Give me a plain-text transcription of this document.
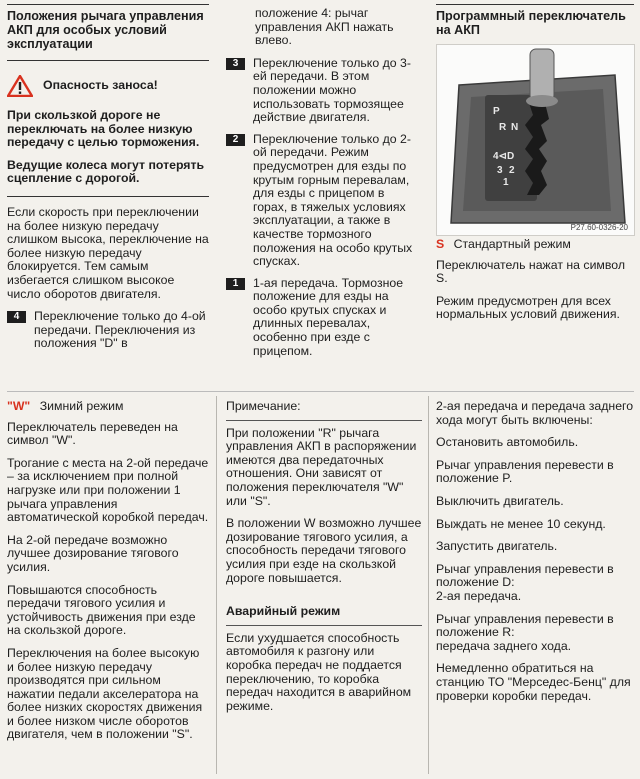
Положения рычага управления АКП для особых условий эксплуатации

Опасность заноса!

При скользкой дороге не переключать на более низкую передачу с целью торможения.

Ведущие колеса могут потерять сцепление с дорогой.

Если скорость при переключении на более низкую передачу слишком высока, переключение на более низкую передачу блокируется. Тем самым избегается слишком высокое число оборотов двигателя.

4	Переключение только до 4-ой передачи. Переключения из положения "D" в

положение 4: рычаг управления АКП нажать влево.

3	Переключение только до 3-ей передачи. В этом положении можно использовать тормозящее действие двигателя.
2	Переключение только до 2-ой передачи. Режим предусмотрен для езды по крутым горным перевалам, для езды с прицепом в горах, в тяжелых условиях эксплуатации, а также в качестве тормозного положения на особо крутых спусках.
1	1-ая передача. Тормозное положение для езды на особо крутых спусках и длинных перевалах, особенно при езде с прицепом.

Программный переключатель на АКП

P
R N
4⊲D
3 2
1
P27.60-0326-20

S Стандартный режим

Переключатель нажат на символ S.

Режим предусмотрен для всех нормальных условий движения.

"W" Зимний режим

Переключатель переведен на символ "W".

Трогание с места на 2-ой передаче – за исключением при полной нагрузке или при положении 1 рычага управления автоматической коробкой передач.

На 2-ой передаче возможно лучшее дозирование тягового усилия.

Повышаются способность передачи тягового усилия и устойчивость движения при езде на скользкой дороге.

Переключения на более высокую и более низкую передачу производятся при сильном нажатии педали акселератора на более низких скоростях движения и более низком числе оборотов двигателя, чем в положении "S".

Примечание:

При положении "R" рычага управления АКП в распоряжении имеются два передаточных отношения. Они зависят от положения переключателя "W" или "S".

В положении W возможно лучшее дозирование тягового усилия, а способность передачи тягового усилия при езде на скользкой дороге повышается.

Аварийный режим

Если ухудшается способность автомобиля к разгону или коробка передач не поддается переключению, то коробка передач находится в аварийном режиме.

2-ая передача и передача заднего хода могут быть включены:

Остановить автомобиль.

Рычаг управления перевести в положение P.

Выключить двигатель.

Выждать не менее 10 секунд.

Запустить двигатель.

Рычаг управления перевести в положение D:
2-ая передача.

Рычаг управления перевести в положение R:
передача заднего хода.

Немедленно обратиться на станцию ТО "Мерседес-Бенц" для проверки коробки передач.
